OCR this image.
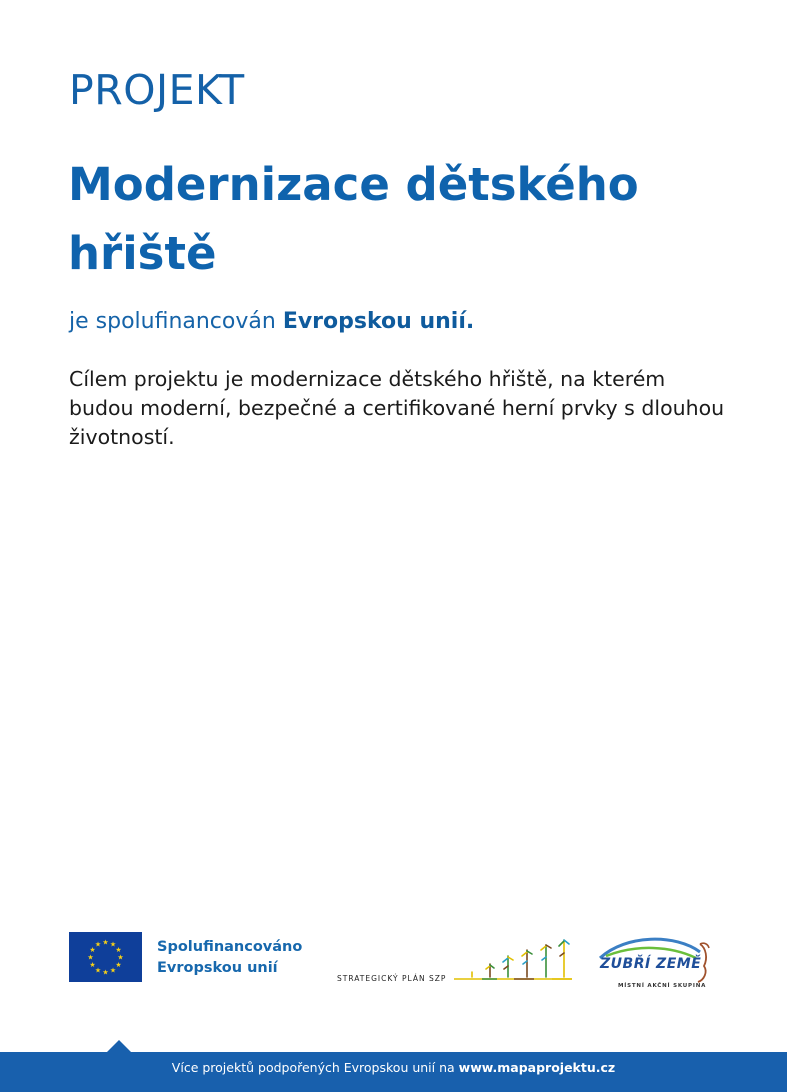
PROJEKT
Modernizace dětského
hřiště
je spolufinancován Evropskou unií.
Cílem projektu je modernizace dětského hřiště, na kterém
budou moderní, bezpečné a certifikované herní prvky s dlouhou
životností.
★ ★
★
★
★
★
★
★
★
★
★
★	Spolufinancováno
Evropskou unií
STRATEGICKÝ PLÁN SZP
ZUBŘÍ ZEMĚ
MÍSTNÍ AKČNÍ SKUPINA
Více projektů podpořených Evropskou unií na www.mapaprojektu.cz
